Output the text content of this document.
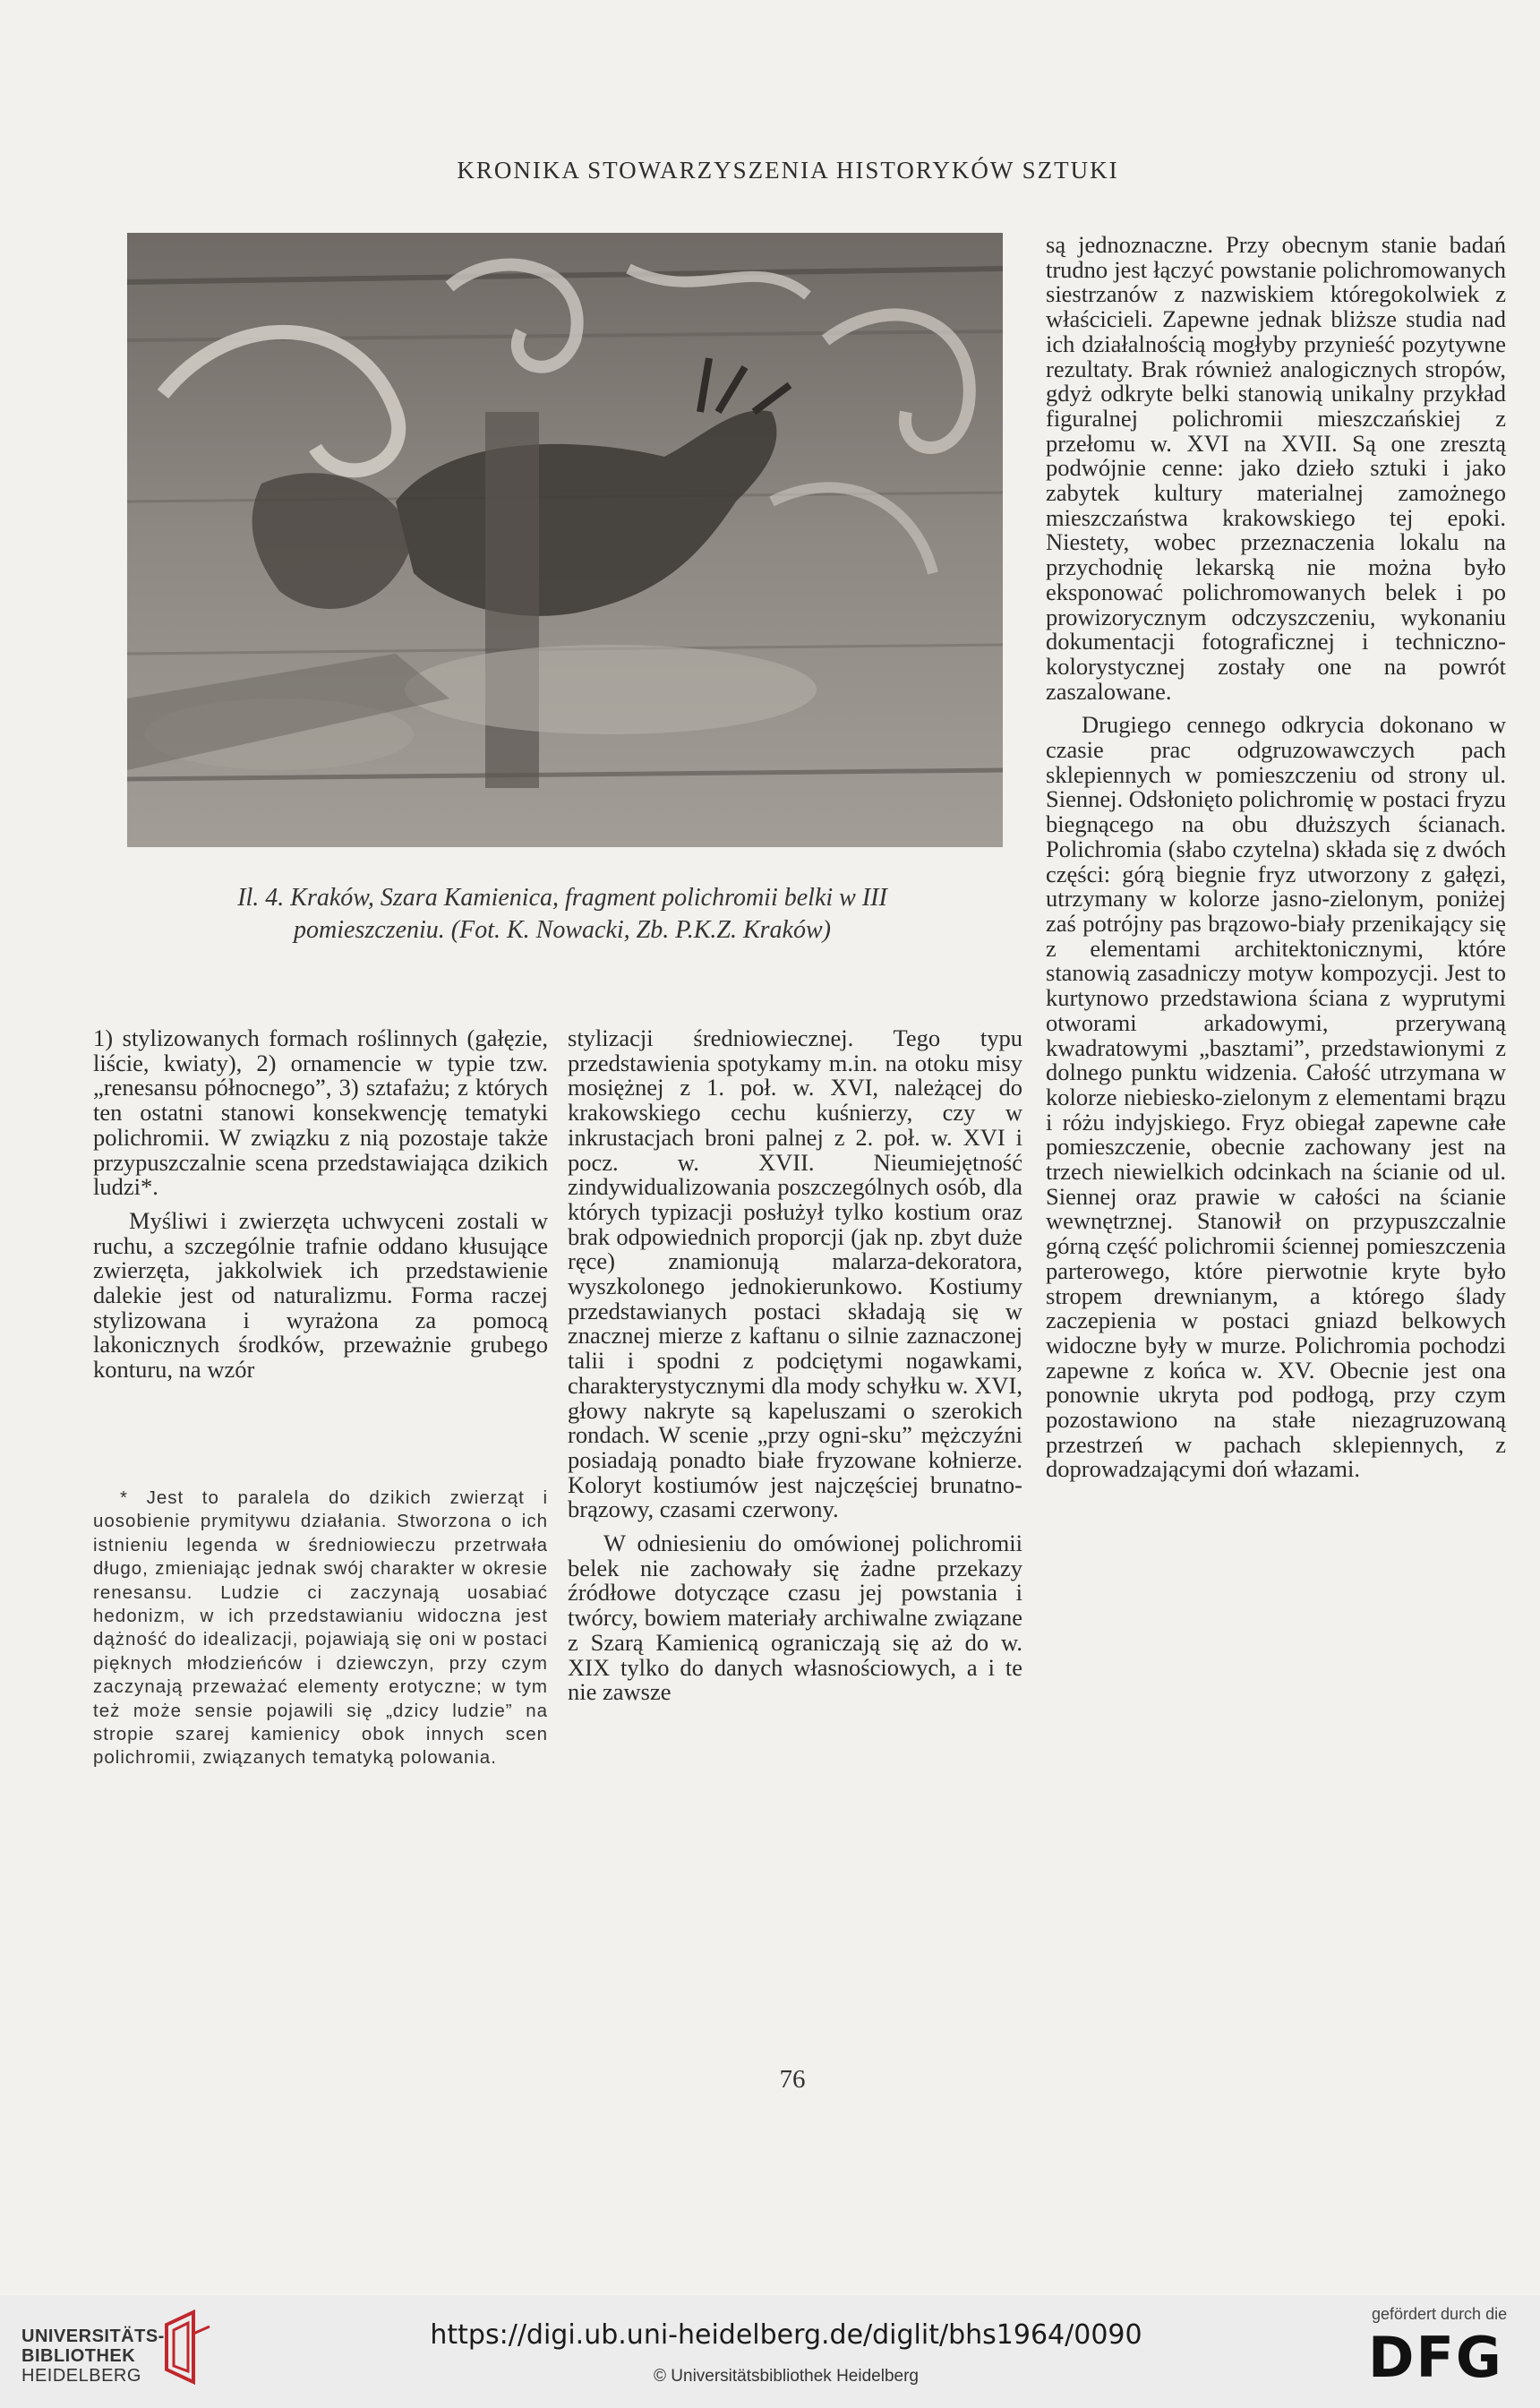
KRONIKA STOWARZYSZENIA HISTORYKÓW SZTUKI
Il. 4. Kraków, Szara Kamienica, fragment polichromii belki w III
pomieszczeniu. (Fot. K. Nowacki, Zb. P.K.Z. Kraków)

1) stylizowanych formach roślinnych (gałęzie, liście, kwiaty), 2) ornamencie w typie tzw. „renesansu północnego”, 3) sztafażu; z których ten ostatni stanowi konsekwencję tematyki polichromii. W związku z nią pozostaje także przypuszczalnie scena przedstawiająca dzikich ludzi*.

Myśliwi i zwierzęta uchwyceni zostali w ruchu, a szczególnie trafnie oddano kłusujące zwierzęta, jakkolwiek ich przedstawienie dalekie jest od naturalizmu. Forma raczej stylizowana i wyrażona za pomocą lakonicznych środków, przeważnie grubego konturu, na wzór

* Jest to paralela do dzikich zwierząt i uosobienie prymitywu działania. Stworzona o ich istnieniu legenda w średniowieczu przetrwała długo, zmieniając jednak swój charakter w okresie renesansu. Ludzie ci zaczynają uosabiać hedonizm, w ich przedstawianiu widoczna jest dążność do idealizacji, pojawiają się oni w postaci pięknych młodzieńców i dziewczyn, przy czym zaczynają przeważać elementy erotyczne; w tym też może sensie pojawili się „dzicy ludzie” na stropie szarej kamienicy obok innych scen polichromii, związanych tematyką polowania.

stylizacji średniowiecznej. Tego typu przedstawienia spotykamy m.in. na otoku misy mosiężnej z 1. poł. w. XVI, należącej do krakowskiego cechu kuśnierzy, czy w inkrustacjach broni palnej z 2. poł. w. XVI i pocz. w. XVII. Nieumiejętność zindywidualizowania poszczególnych osób, dla których typizacji posłużył tylko kostium oraz brak odpowiednich proporcji (jak np. zbyt duże ręce) znamionują malarza-dekoratora, wyszkolonego jednokierunkowo. Kostiumy przedstawianych postaci składają się w znacznej mierze z kaftanu o silnie zaznaczonej talii i spodni z podciętymi nogawkami, charakterystycznymi dla mody schyłku w. XVI, głowy nakryte są kapeluszami o szerokich rondach. W scenie „przy ogni-sku” mężczyźni posiadają ponadto białe fryzowane kołnierze. Koloryt kostiumów jest najczęściej brunatno-brązowy, czasami czerwony.

W odniesieniu do omówionej polichromii belek nie zachowały się żadne przekazy źródłowe dotyczące czasu jej powstania i twórcy, bowiem materiały archiwalne związane z Szarą Kamienicą ograniczają się aż do w. XIX tylko do danych własnościowych, a i te nie zawsze

są jednoznaczne. Przy obecnym stanie badań trudno jest łączyć powstanie polichromowanych siestrzanów z nazwiskiem któregokolwiek z właścicieli. Zapewne jednak bliższe studia nad ich działalnością mogłyby przynieść pozytywne rezultaty. Brak również analogicznych stropów, gdyż odkryte belki stanowią unikalny przykład figuralnej polichromii mieszczańskiej z przełomu w. XVI na XVII. Są one zresztą podwójnie cenne: jako dzieło sztuki i jako zabytek kultury materialnej zamożnego mieszczaństwa krakowskiego tej epoki. Niestety, wobec przeznaczenia lokalu na przychodnię lekarską nie można było eksponować polichromowanych belek i po prowizorycznym odczyszczeniu, wykonaniu dokumentacji fotograficznej i techniczno-kolorystycznej zostały one na powrót zaszalowane.

Drugiego cennego odkrycia dokonano w czasie prac odgruzowawczych pach sklepiennych w pomieszczeniu od strony ul. Siennej. Odsłonięto polichromię w postaci fryzu biegnącego na obu dłuższych ścianach. Polichromia (słabo czytelna) składa się z dwóch części: górą biegnie fryz utworzony z gałęzi, utrzymany w kolorze jasno-zielonym, poniżej zaś potrójny pas brązowo-biały przenikający się z elementami architektonicznymi, które stanowią zasadniczy motyw kompozycji. Jest to kurtynowo przedstawiona ściana z wyprutymi otworami arkadowymi, przerywaną kwadratowymi „basztami”, przedstawionymi z dolnego punktu widzenia. Całość utrzymana w kolorze niebiesko-zielonym z elementami brązu i różu indyjskiego. Fryz obiegał zapewne całe pomieszczenie, obecnie zachowany jest na trzech niewielkich odcinkach na ścianie od ul. Siennej oraz prawie w całości na ścianie wewnętrznej. Stanowił on przypuszczalnie górną część polichromii ściennej pomieszczenia parterowego, które pierwotnie kryte było stropem drewnianym, a którego ślady zaczepienia w postaci gniazd belkowych widoczne były w murze. Polichromia pochodzi zapewne z końca w. XV. Obecnie jest ona ponownie ukryta pod podłogą, przy czym pozostawiono na stałe niezagruzowaną przestrzeń w pachach sklepiennych, z doprowadzającymi doń włazami.

76
UNIVERSITÄTS-
BIBLIOTHEK
HEIDELBERG
https://digi.ub.uni-heidelberg.de/diglit/bhs1964/0090
© Universitätsbibliothek Heidelberg
gefördert durch die
DFG
